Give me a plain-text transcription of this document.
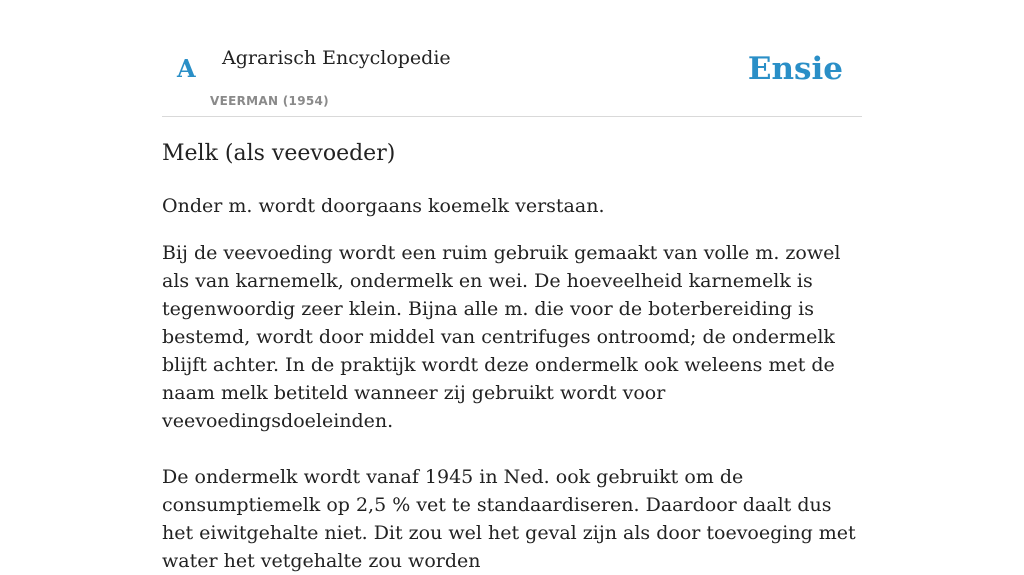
A Agrarisch Encyclopedie
VEERMAN (1954)
Ensie
Melk (als veevoeder)

Onder m. wordt doorgaans koemelk verstaan.

Bij de veevoeding wordt een ruim gebruik gemaakt van volle m. zowel als van karnemelk, ondermelk en wei. De hoeveelheid karnemelk is tegenwoordig zeer klein. Bijna alle m. die voor de boterbereiding is bestemd, wordt door middel van centrifuges ontroomd; de ondermelk blijft achter. In de praktijk wordt deze ondermelk ook weleens met de naam melk betiteld wanneer zij gebruikt wordt voor veevoedingsdoeleinden.

De ondermelk wordt vanaf 1945 in Ned. ook gebruikt om de consumptiemelk op 2,5 % vet te standaardiseren. Daardoor daalt dus het eiwitgehalte niet. Dit zou wel het geval zijn als door toevoeging met water het vetgehalte zou worden
